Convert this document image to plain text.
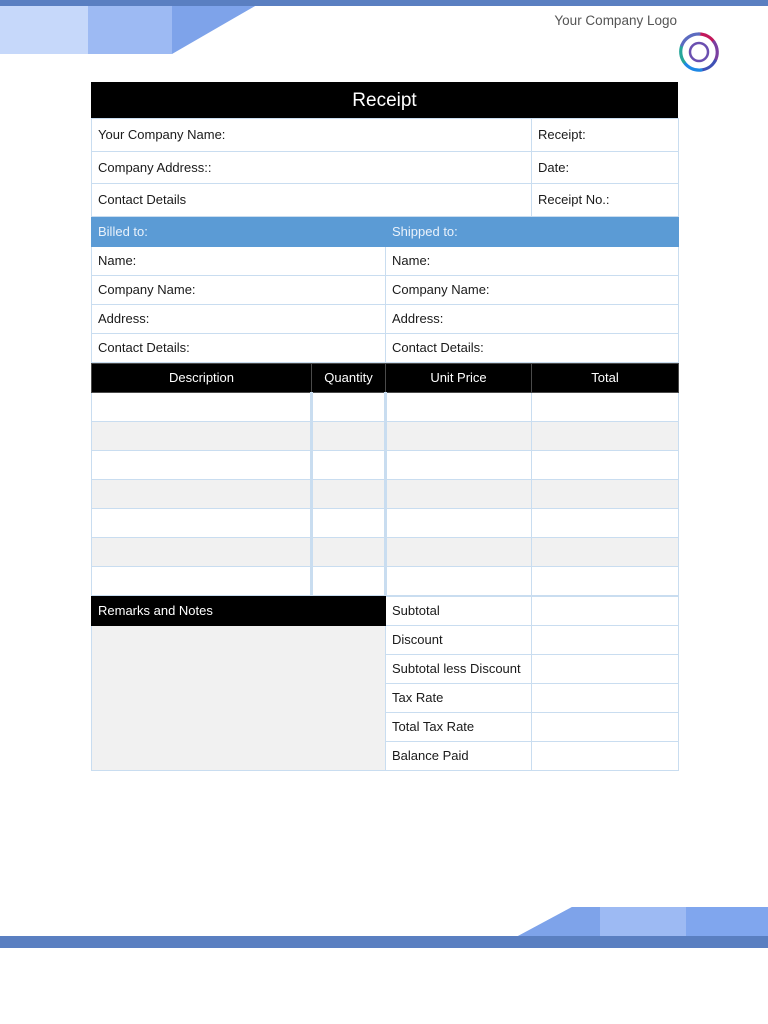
Your Company Logo
Receipt
Your Company Name:	Receipt:
Company Address::	Date:
Contact Details	Receipt No.:
Billed to:	Shipped to:
Name:	Name:
Company Name:	Company Name:
Address:	Address:
Contact Details:	Contact Details:
Description	Quantity	Unit Price	Total

Remarks and Notes	Subtotal	
	Discount	
	Subtotal less Discount	
	Tax Rate	
	Total Tax Rate	
	Balance Paid	
